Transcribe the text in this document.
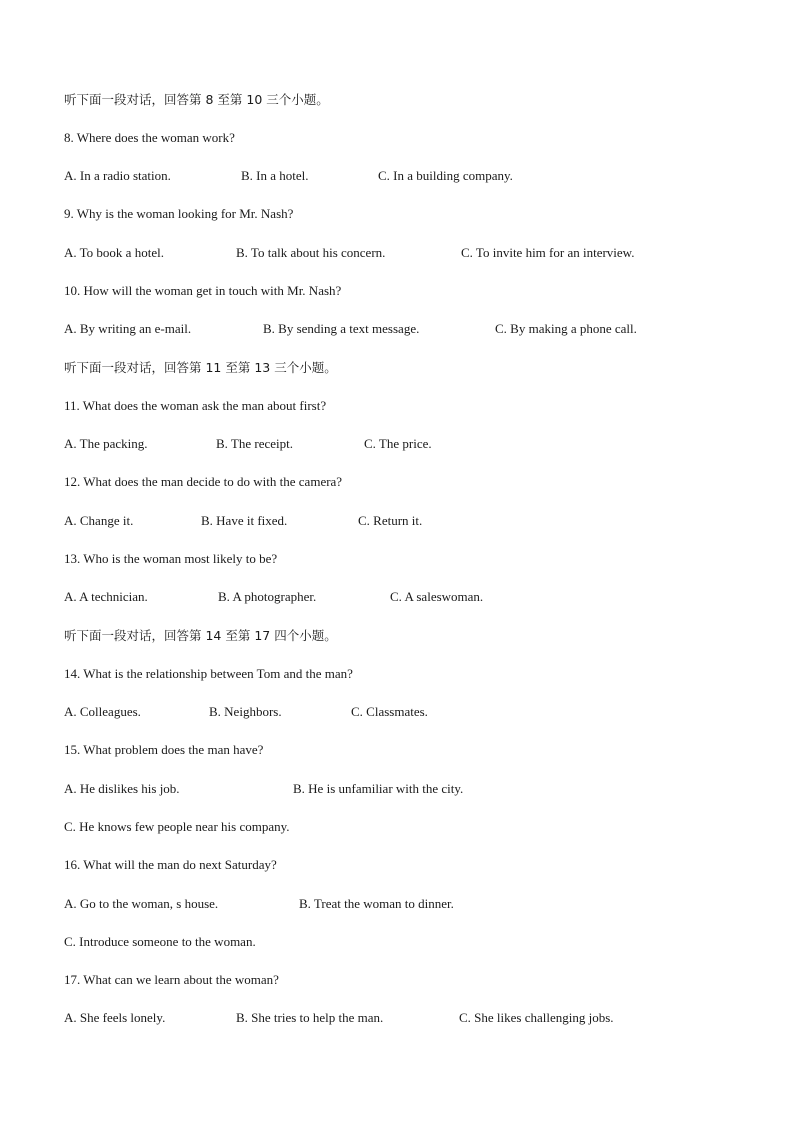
听下面一段对话，回答第 8 至第 10 三个小题。
8. Where does the woman work?
A. In a radio station.	B. In a hotel.	C. In a building company.
9. Why is the woman looking for Mr. Nash?
A. To book a hotel.	B. To talk about his concern.	C. To invite him for an interview.
10. How will the woman get in touch with Mr. Nash?
A. By writing an e-mail.	B. By sending a text message.	C. By making a phone call.
听下面一段对话，回答第 11 至第 13 三个小题。
11. What does the woman ask the man about first?
A. The packing.	B. The receipt.	C. The price.
12. What does the man decide to do with the camera?
A. Change it.	B. Have it fixed.	C. Return it.
13. Who is the woman most likely to be?
A. A technician.	B. A photographer.	C. A saleswoman.
听下面一段对话，回答第 14 至第 17 四个小题。
14. What is the relationship between Tom and the man?
A. Colleagues.	B. Neighbors.	C. Classmates.
15. What problem does the man have?
A. He dislikes his job.	B. He is unfamiliar with the city.
C. He knows few people near his company.
16. What will the man do next Saturday?
A. Go to the woman, s house.	B. Treat the woman to dinner.
C. Introduce someone to the woman.
17. What can we learn about the woman?
A. She feels lonely.	B. She tries to help the man.	C. She likes challenging jobs.
